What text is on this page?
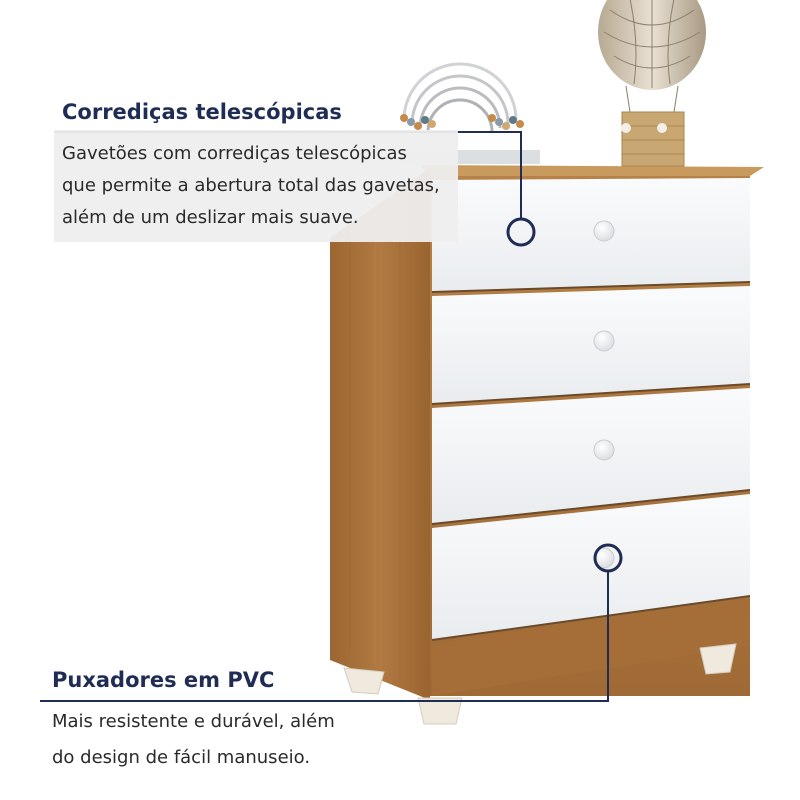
Corrediças telescópicas
Gavetões com corrediças telescópicas
que permite a abertura total das gavetas,
além de um deslizar mais suave.
Puxadores em PVC
Mais resistente e durável, além
do design de fácil manuseio.
